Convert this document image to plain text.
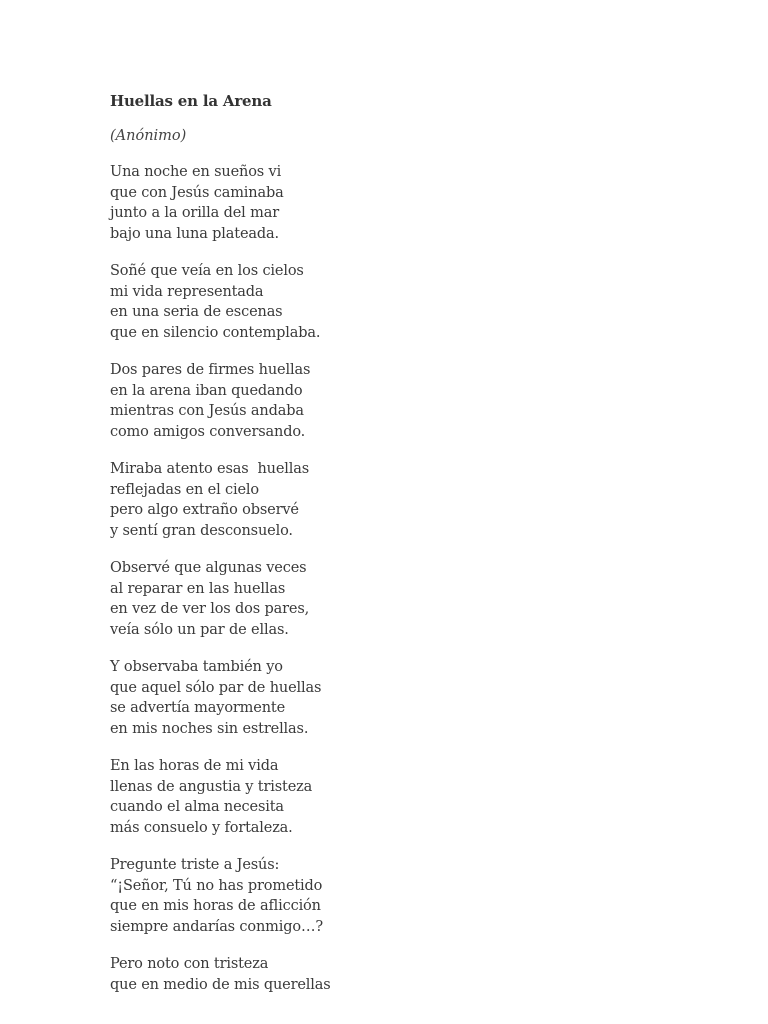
Huellas en la Arena

(Anónimo)

Una noche en sueños vi
que con Jesús caminaba
junto a la orilla del mar
bajo una luna plateada.
Soñé que veía en los cielos
mi vida representada
en una seria de escenas
que en silencio contemplaba.
Dos pares de firmes huellas
en la arena iban quedando
mientras con Jesús andaba
como amigos conversando.
Miraba atento esas  huellas
reflejadas en el cielo
pero algo extraño observé
y sentí gran desconsuelo.
Observé que algunas veces
al reparar en las huellas
en vez de ver los dos pares,
veía sólo un par de ellas.
Y observaba también yo
que aquel sólo par de huellas
se advertía mayormente
en mis noches sin estrellas.
En las horas de mi vida
llenas de angustia y tristeza
cuando el alma necesita
más consuelo y fortaleza.
Pregunte triste a Jesús:
“¡Señor, Tú no has prometido
que en mis horas de aflicción
siempre andarías conmigo…?
Pero noto con tristeza
que en medio de mis querellas
